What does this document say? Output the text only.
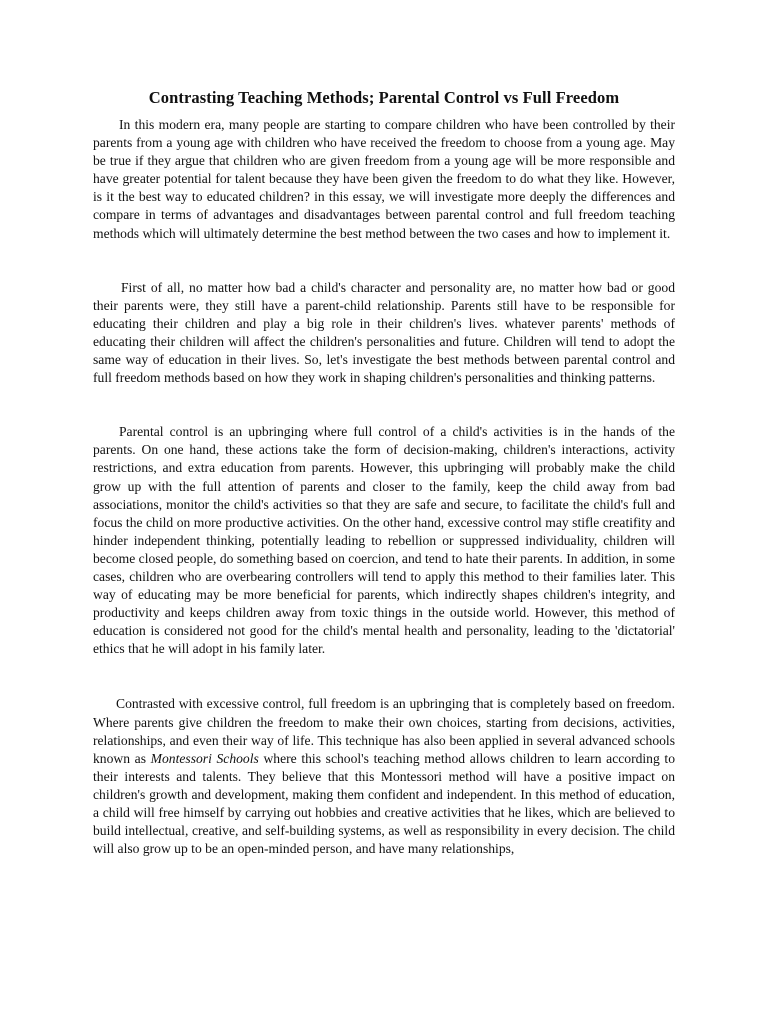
Contrasting Teaching Methods; Parental Control vs Full Freedom

In this modern era, many people are starting to compare children who have been controlled by their parents from a young age with children who have received the freedom to choose from a young age. May be true if they argue that children who are given freedom from a young age will be more responsible and have greater potential for talent because they have been given the freedom to do what they like. However, is it the best way to educated children? in this essay, we will investigate more deeply the differences and compare in terms of advantages and disadvantages between parental control and full freedom teaching methods which will ultimately determine the best method between the two cases and how to implement it.

First of all, no matter how bad a child's character and personality are, no matter how bad or good their parents were, they still have a parent-child relationship. Parents still have to be responsible for educating their children and play a big role in their children's lives. whatever parents' methods of educating their children will affect the children's personalities and future. Children will tend to adopt the same way of education in their lives. So, let's investigate the best methods between parental control and full freedom methods based on how they work in shaping children's personalities and thinking patterns.

Parental control is an upbringing where full control of a child's activities is in the hands of the parents. On one hand, these actions take the form of decision-making, children's interactions, activity restrictions, and extra education from parents. However, this upbringing will probably make the child grow up with the full attention of parents and closer to the family, keep the child away from bad associations, monitor the child's activities so that they are safe and secure, to facilitate the child's full and focus the child on more productive activities. On the other hand, excessive control may stifle creatifity and hinder independent thinking, potentially leading to rebellion or suppressed individuality, children will become closed people, do something based on coercion, and tend to hate their parents. In addition, in some cases, children who are overbearing controllers will tend to apply this method to their families later. This way of educating may be more beneficial for parents, which indirectly shapes children's integrity, and productivity and keeps children away from toxic things in the outside world. However, this method of education is considered not good for the child's mental health and personality, leading to the 'dictatorial' ethics that he will adopt in his family later.

Contrasted with excessive control, full freedom is an upbringing that is completely based on freedom. Where parents give children the freedom to make their own choices, starting from decisions, activities, relationships, and even their way of life. This technique has also been applied in several advanced schools known as Montessori Schools where this school's teaching method allows children to learn according to their interests and talents. They believe that this Montessori method will have a positive impact on children's growth and development, making them confident and independent. In this method of education, a child will free himself by carrying out hobbies and creative activities that he likes, which are believed to build intellectual, creative, and self-building systems, as well as responsibility in every decision. The child will also grow up to be an open-minded person, and have many relationships,
